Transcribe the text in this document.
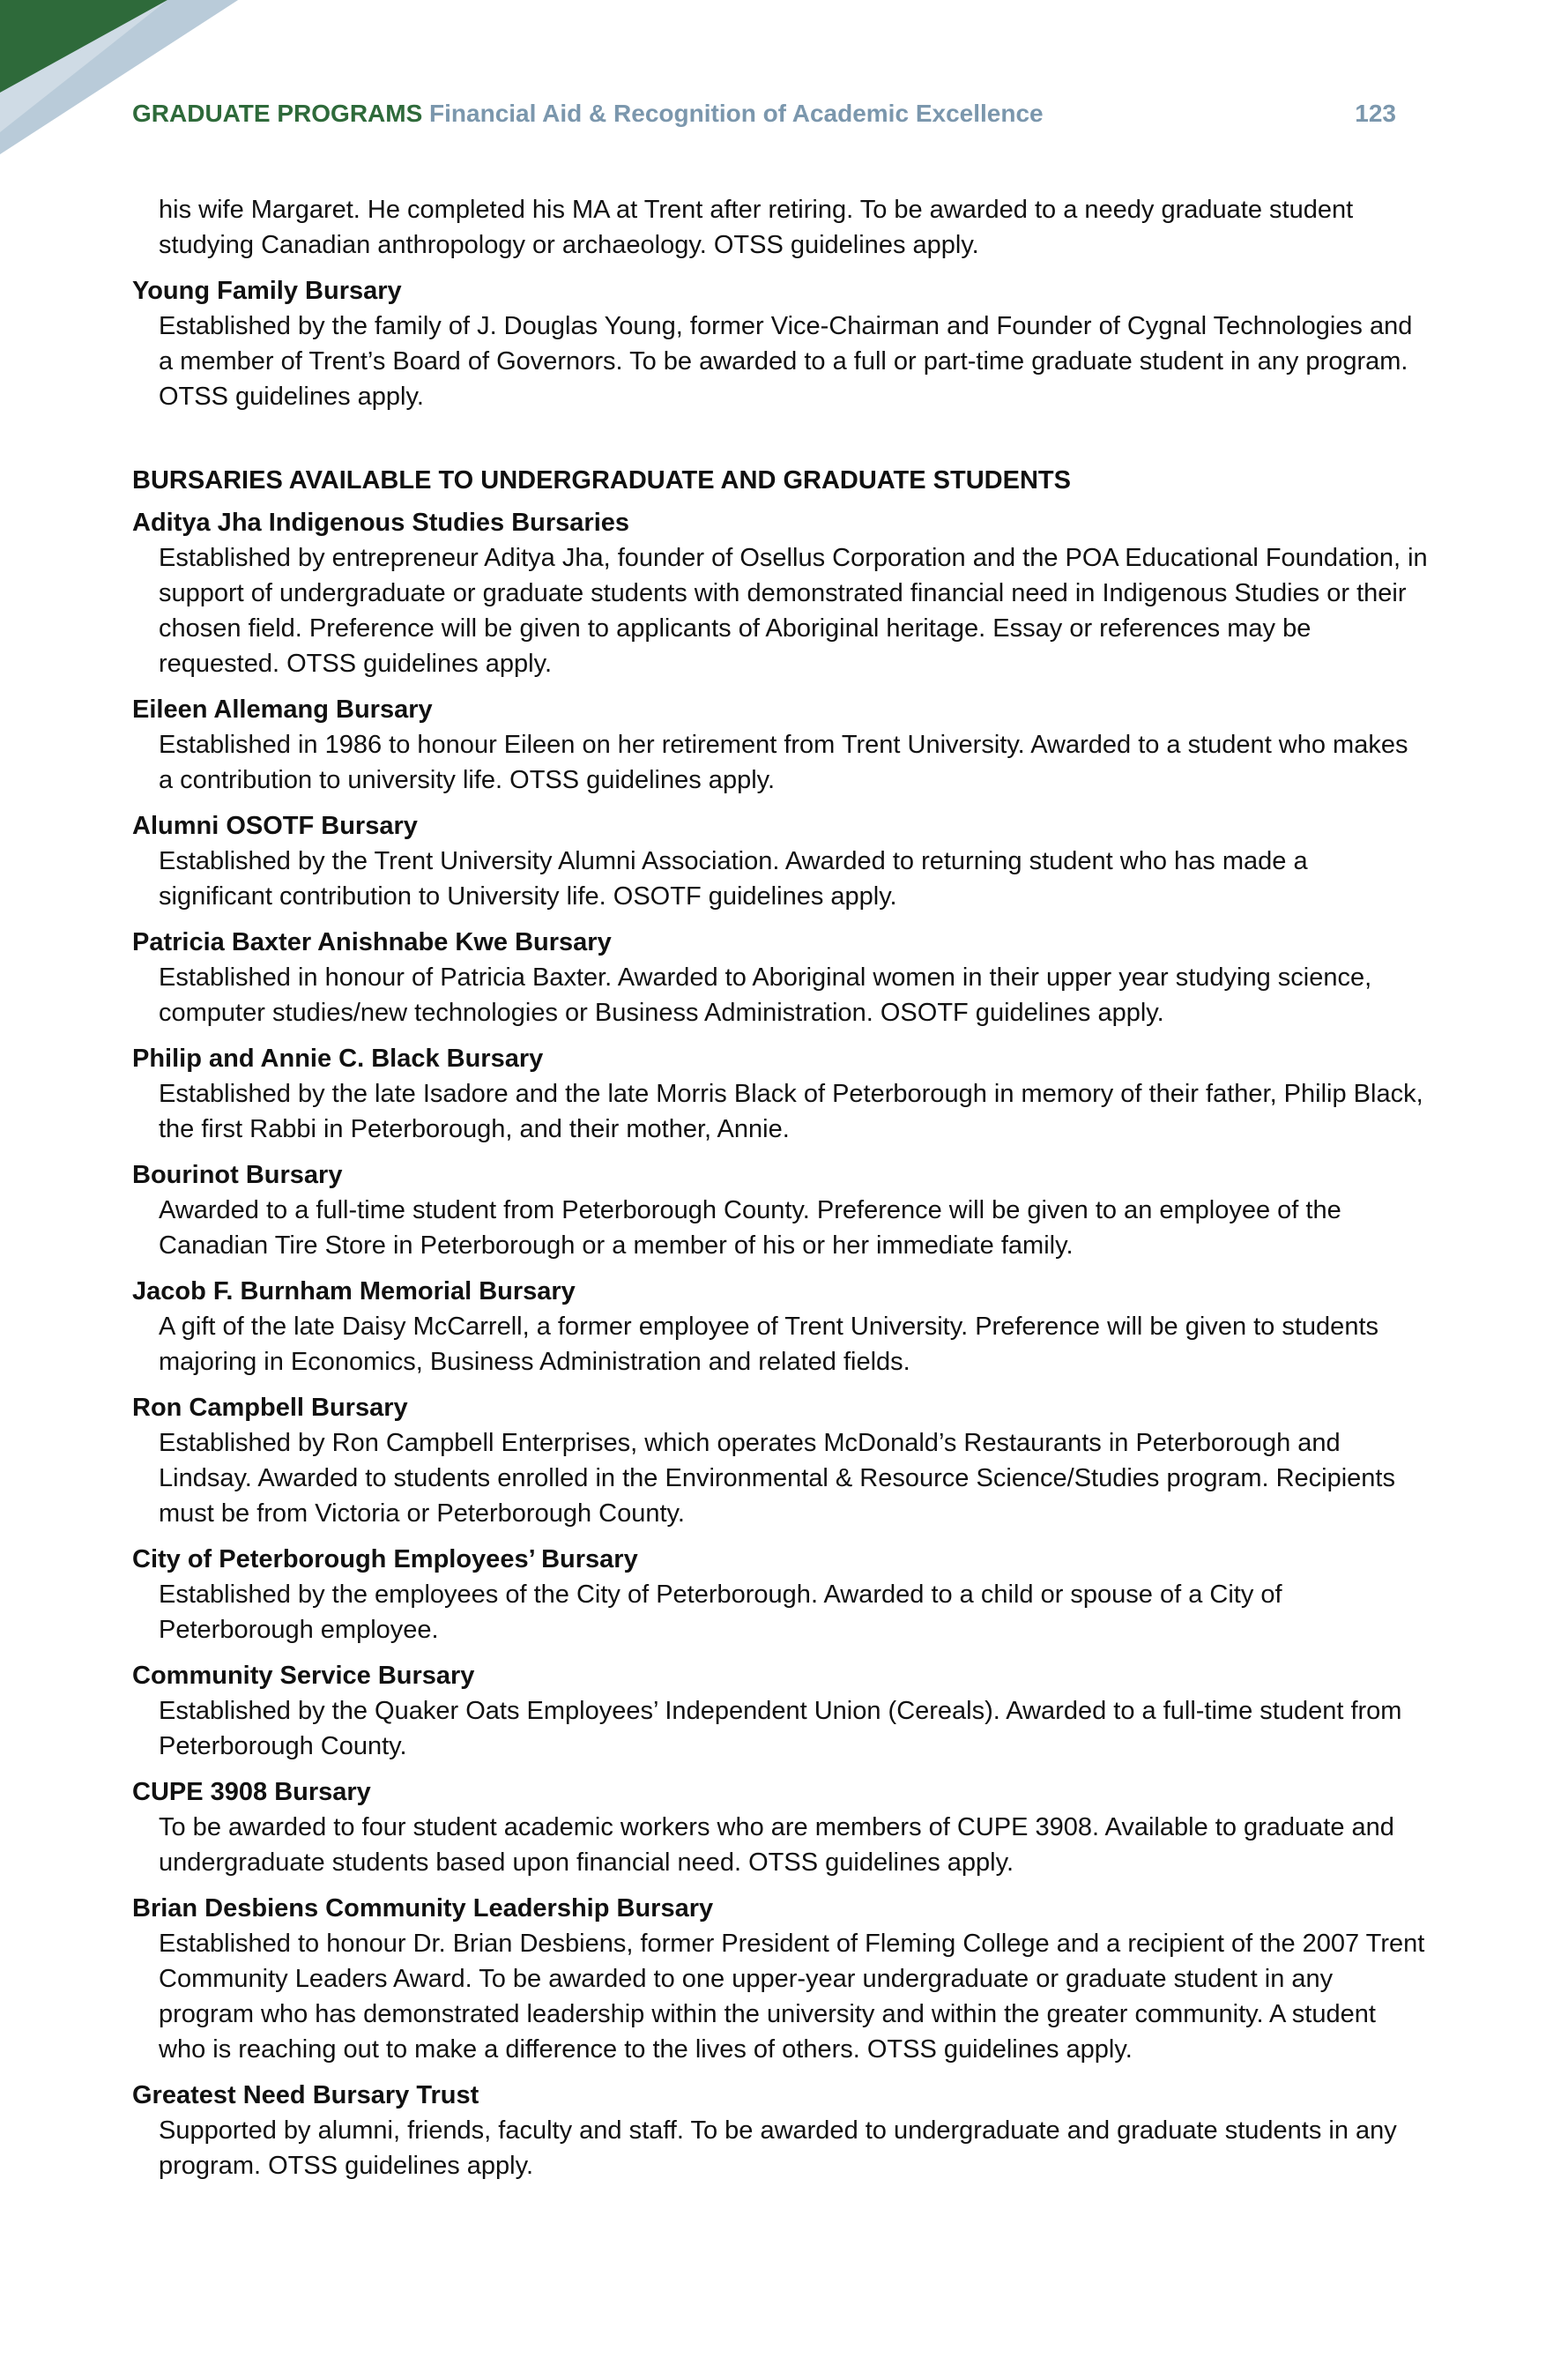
GRADUATE PROGRAMS Financial Aid & Recognition of Academic Excellence	123
his wife Margaret. He completed his MA at Trent after retiring. To be awarded to a needy graduate student studying Canadian anthropology or archaeology. OTSS guidelines apply.
Young Family Bursary
Established by the family of J. Douglas Young, former Vice-Chairman and Founder of Cygnal Technologies and a member of Trent’s Board of Governors. To be awarded to a full or part-time graduate student in any program. OTSS guidelines apply.
BURSARIES AVAILABLE TO UNDERGRADUATE AND GRADUATE STUDENTS
Aditya Jha Indigenous Studies Bursaries
Established by entrepreneur Aditya Jha, founder of Osellus Corporation and the POA Educational Foundation, in support of undergraduate or graduate students with demonstrated financial need in Indigenous Studies or their chosen field. Preference will be given to applicants of Aboriginal heritage. Essay or references may be requested. OTSS guidelines apply.
Eileen Allemang Bursary
Established in 1986 to honour Eileen on her retirement from Trent University. Awarded to a student who makes a contribution to university life. OTSS guidelines apply.
Alumni OSOTF Bursary
Established by the Trent University Alumni Association. Awarded to returning student who has made a significant contribution to University life. OSOTF guidelines apply.
Patricia Baxter Anishnabe Kwe Bursary
Established in honour of Patricia Baxter. Awarded to Aboriginal women in their upper year studying science, computer studies/new technologies or Business Administration. OSOTF guidelines apply.
Philip and Annie C. Black Bursary
Established by the late Isadore and the late Morris Black of Peterborough in memory of their father, Philip Black, the first Rabbi in Peterborough, and their mother, Annie.
Bourinot Bursary
Awarded to a full-time student from Peterborough County. Preference will be given to an employee of the Canadian Tire Store in Peterborough or a member of his or her immediate family.
Jacob F. Burnham Memorial Bursary
A gift of the late Daisy McCarrell, a former employee of Trent University. Preference will be given to students majoring in Economics, Business Administration and related fields.
Ron Campbell Bursary
Established by Ron Campbell Enterprises, which operates McDonald’s Restaurants in Peterborough and Lindsay. Awarded to students enrolled in the Environmental & Resource Science/Studies program. Recipients must be from Victoria or Peterborough County.
City of Peterborough Employees’ Bursary
Established by the employees of the City of Peterborough. Awarded to a child or spouse of a City of Peterborough employee.
Community Service Bursary
Established by the Quaker Oats Employees’ Independent Union (Cereals). Awarded to a full-time student from Peterborough County.
CUPE 3908 Bursary
To be awarded to four student academic workers who are members of CUPE 3908. Available to graduate and undergraduate students based upon financial need. OTSS guidelines apply.
Brian Desbiens Community Leadership Bursary
Established to honour Dr. Brian Desbiens, former President of Fleming College and a recipient of the 2007 Trent Community Leaders Award. To be awarded to one upper-year undergraduate or graduate student in any program who has demonstrated leadership within the university and within the greater community. A student who is reaching out to make a difference to the lives of others. OTSS guidelines apply.
Greatest Need Bursary Trust
Supported by alumni, friends, faculty and staff. To be awarded to undergraduate and graduate students in any program. OTSS guidelines apply.
